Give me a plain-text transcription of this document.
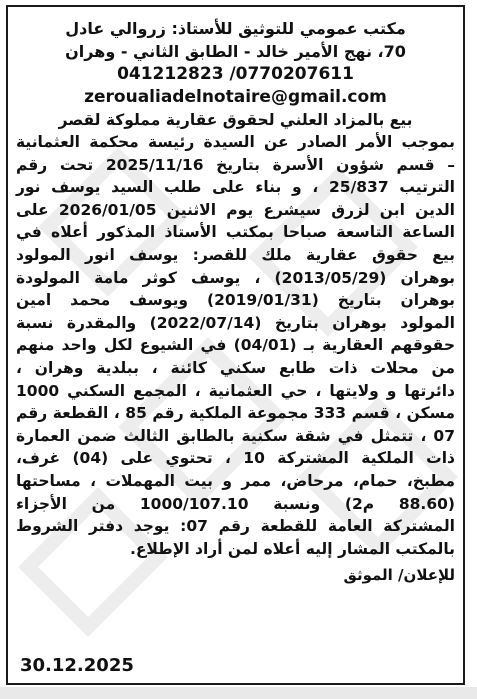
مكتب عمومي للتوثيق للأستاذ: زروالي عادل

70، نهج الأمير خالد - الطابق الثاني - وهران

041212823 /0770207611

zeroualiadelnotaire@gmail.com

بيع بالمزاد العلني لحقوق عقارية مملوكة لقصر

بموجب الأمر الصادر عن السيدة رئيسة محكمة العثمانية

– قسم شؤون الأسرة بتاريخ 2025/11/16 تحت رقم

الترتيب 25/837 ، و بناء على طلب السيد يوسف نور

الدين ابن لزرق سيشرع يوم الاثنين 2026/01/05 على

الساعة التاسعة صباحا بمكتب الأستاذ المذكور أعلاه في

بيع حقوق عقارية ملك للقصر: يوسف انور المولود

بوهران (2013/05/29) ، يوسف كوثر مامة المولودة

بوهران بتاريخ (2019/01/31) ويوسف محمد امين

المولود بوهران بتاريخ (2022/07/14) والمقدرة نسبة

حقوقهم العقارية بـ (04/01) في الشيوع لكل واحد منهم

من محلات ذات طابع سكني كائنة ، ببلدية وهران ،

دائرتها و ولايتها ، حي العثمانية ، المجمع السكني 1000

مسكن ، قسم 333 مجموعة الملكية رقم 85 ، القطعة رقم

07 ، تتمثل في شقة سكنية بالطابق الثالث ضمن العمارة

ذات الملكية المشتركة 10 ، تحتوي على (04) غرف،

مطبخ، حمام، مرحاض، ممر و بيت المهملات ، مساحتها

(88.60 م2) ونسبة 1000/107.10 من الأجزاء

المشتركة العامة للقطعة رقم 07: يوجد دفتر الشروط

بالمكتب المشار إليه أعلاه لمن أراد الإطلاع.

للإعلان/ الموثق

30.12.2025
